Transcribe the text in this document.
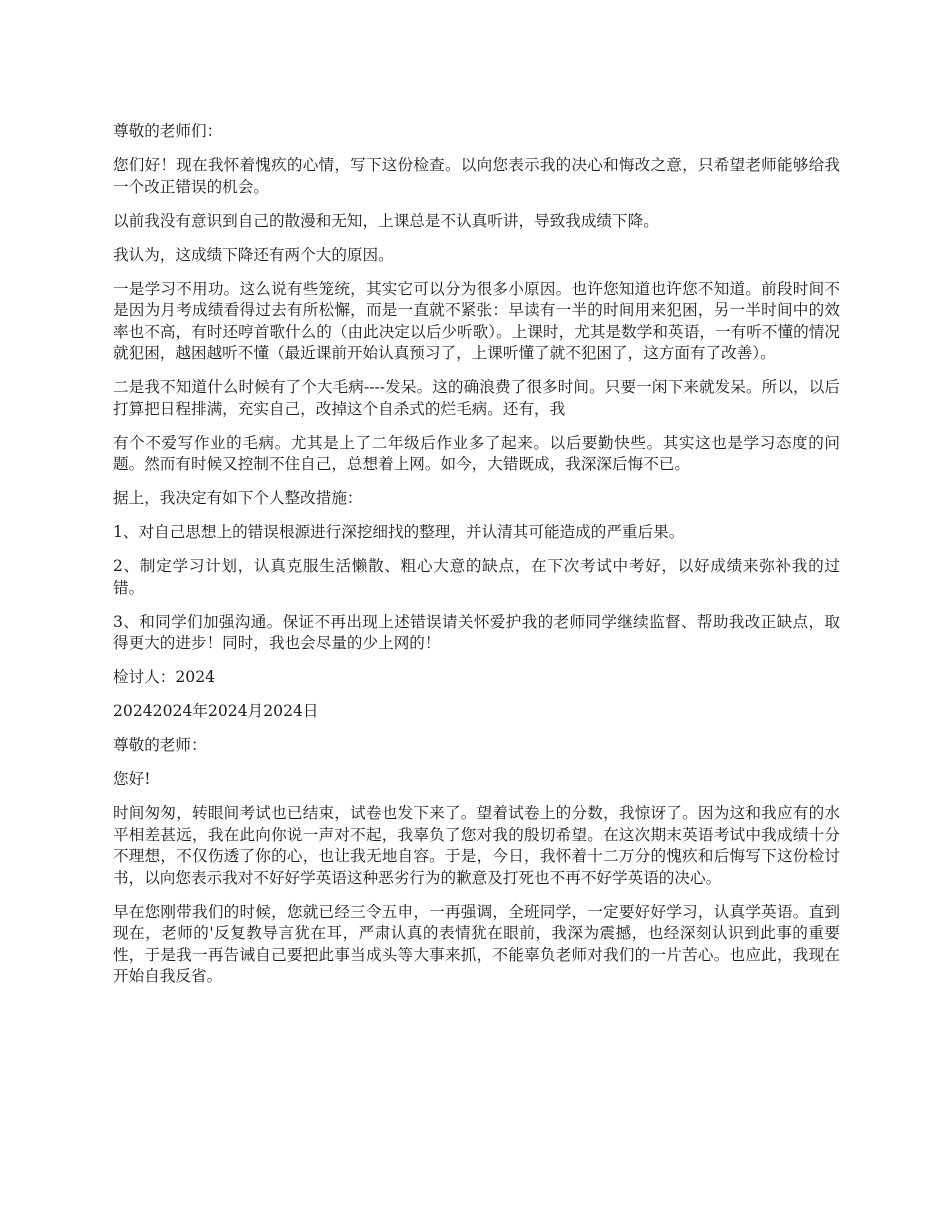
尊敬的老师们：

您们好！现在我怀着愧疚的心情，写下这份检查。以向您表示我的决心和悔改之意，只希望老师能够给我一个改正错误的机会。

以前我没有意识到自己的散漫和无知，上课总是不认真听讲，导致我成绩下降。

我认为，这成绩下降还有两个大的原因。

一是学习不用功。这么说有些笼统，其实它可以分为很多小原因。也许您知道也许您不知道。前段时间不是因为月考成绩看得过去有所松懈，而是一直就不紧张：早读有一半的时间用来犯困，另一半时间中的效率也不高，有时还哼首歌什么的（由此决定以后少听歌）。上课时，尤其是数学和英语，一有听不懂的情况就犯困，越困越听不懂（最近课前开始认真预习了，上课听懂了就不犯困了，这方面有了改善）。

二是我不知道什么时候有了个大毛病----发呆。这的确浪费了很多时间。只要一闲下来就发呆。所以，以后打算把日程排满，充实自己，改掉这个自杀式的烂毛病。还有，我

有个不爱写作业的毛病。尤其是上了二年级后作业多了起来。以后要勤快些。其实这也是学习态度的问题。然而有时候又控制不住自己，总想着上网。如今，大错既成，我深深后悔不已。

据上，我决定有如下个人整改措施：

1、对自己思想上的错误根源进行深挖细找的整理，并认清其可能造成的严重后果。

2、制定学习计划，认真克服生活懒散、粗心大意的缺点，在下次考试中考好，以好成绩来弥补我的过错。

3、和同学们加强沟通。保证不再出现上述错误请关怀爱护我的老师同学继续监督、帮助我改正缺点，取得更大的进步！同时，我也会尽量的少上网的！

检讨人：2024

20242024年2024月2024日

尊敬的老师：

您好!

时间匆匆，转眼间考试也已结束，试卷也发下来了。望着试卷上的分数，我惊讶了。因为这和我应有的水平相差甚远，我在此向你说一声对不起，我辜负了您对我的殷切希望。在这次期末英语考试中我成绩十分不理想，不仅伤透了你的心，也让我无地自容。于是，今日，我怀着十二万分的愧疚和后悔写下这份检讨书，以向您表示我对不好好学英语这种恶劣行为的歉意及打死也不再不好学英语的决心。

早在您刚带我们的时候，您就已经三令五申，一再强调，全班同学，一定要好好学习，认真学英语。直到现在，老师的'反复教导言犹在耳，严肃认真的表情犹在眼前，我深为震撼，也经深刻认识到此事的重要性，于是我一再告诫自己要把此事当成头等大事来抓，不能辜负老师对我们的一片苦心。也应此，我现在开始自我反省。
